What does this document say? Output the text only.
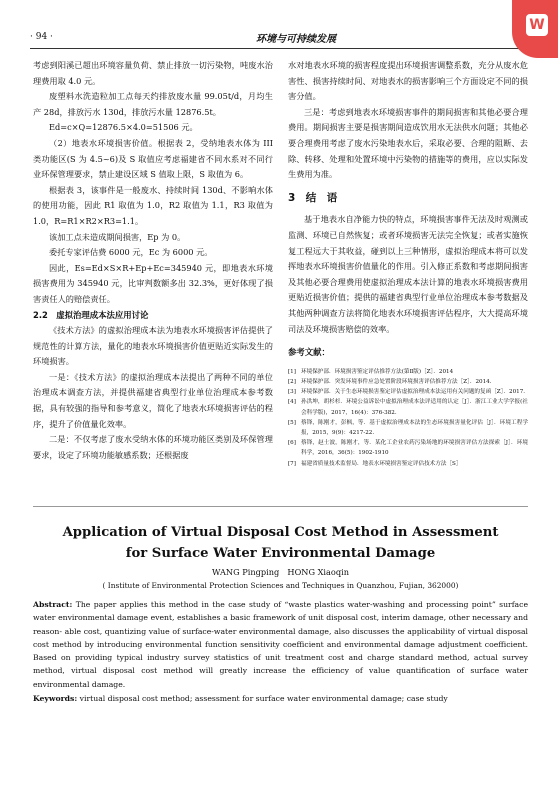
· 94 ·	环境与可持续发展
W

考虑到阳溪已超出环境容量负荷、禁止排放一切污染物，吨废水治理费用取 4.0 元。

废塑料水洗造粒加工点每天约排放废水量 99.05t/d，月均生产 28d，排放污水 130d，排放污水量 12876.5t。

Ed=c×Q=12876.5×4.0=51506 元。

（2）地表水环境损害价值。根据表 2，受纳地表水体为 III 类功能区(S 为 4.5~6)及 S 取值应考虑福建省不同水系对不同行业环保管理要求，禁止建设区域 S 值取上限，S 取值为 6。

根据表 3，该事件是一般废水、持续时间 130d、不影响水体的使用功能，因此 R1 取值为 1.0，R2 取值为 1.1，R3 取值为 1.0，R=R1×R2×R3=1.1。

该加工点未造成期间损害，Ep 为 0。

委托专家评估费 6000 元，Ec 为 6000 元。

因此，Es=Ed×S×R+Ep+Ec=345940 元，即地表水环境损害费用为 345940 元，比审判数额多出 32.3%，更好体现了损害责任人的赔偿责任。

2.2　虚拟治理成本法应用讨论

《技术方法》的虚拟治理成本法为地表水环境损害评估提供了规范性的计算方法，量化的地表水环境损害价值更贴近实际发生的环境损害。

一是：《技术方法》的虚拟治理成本法提出了两种不同的单位治理成本调查方法，并提供福建省典型行业单位治理成本参考数据，具有较强的指导和参考意义，简化了地表水环境损害评估的程序，提升了价值量化效率。

二是：不仅考虑了废水受纳水体的环境功能区类别及环保管理要求，设定了环境功能敏感系数；还根据废

水对地表水环境的损害程度提出环境损害调整系数，充分从废水危害性、损害持续时间、对地表水的损害影响三个方面设定不同的损害分值。

三是：考虑到地表水环境损害事件的期间损害和其他必要合理费用。期间损害主要是损害期间造成饮用水无法供水问题；其他必要合理费用考虑了废水污染地表水后，采取必要、合理的阻断、去除、转移、处理和处置环境中污染物的措施等的费用，应以实际发生费用为准。

3　结　语

基于地表水自净能力快的特点，环境损害事件无法及时观测或监测、环境已自然恢复；或者环境损害无法完全恢复；或者实施恢复工程远大于其收益，碰到以上三种情形，虚拟治理成本将可以发挥地表水环境损害价值量化的作用。引入修正系数和考虑期间损害及其他必要合理费用使虚拟治理成本法计算的地表水环境损害费用更贴近损害价值；提供的福建省典型行业单位治理成本参考数据及其他两种调查方法将简化地表水环境损害评估程序，大大提高环境司法及环境损害赔偿的效率。

参考文献：

[1] 环境保护部．环境损害鉴定评估推荐方法(第Ⅱ版)［Z］．2014
[2] 环境保护部．突发环境事件应急处置阶段环境损害评估推荐方法［Z］．2014.
[3] 环境保护部．关于生态环境损害鉴定评估虚拟治理成本法运用有关问题的复函［Z］．2017.
[4] 孙洪坤，胡杉杉．环境公益诉讼中虚拟治理成本法评适用的认定［J］．浙江工业大学学报(社会科学版)，2017，16(4)：376-382.
[5] 蔡锋，陈刚才，彭枫，等．基于虚拟治理成本法的生态环境损害量化评估［J］．环境工程学报，2015，9(9)：4217-22.
[6] 蔡锋，赵士波，陈刚才，等．某化工企业农药污染场地的环境损害评估方法探索［J］．环境科学，2016，36(5)：1902-1910
[7] 福建省质量技术监督局．地表水环境损害鉴定评估技术方法［S］

Application of Virtual Disposal Cost Method in Assessment
for Surface Water Environmental Damage

WANG Pingping　HONG Xiaoqin

( Institute of Environmental Protection Sciences and Techniques in Quanzhou, Fujian, 362000)

Abstract: The paper applies this method in the case study of “waste plastics water-washing and processing point” surface water environmental damage event, establishes a basic framework of unit disposal cost, interim damage, other necessary and reason- able cost, quantizing value of surface-water environmental damage, also discusses the applicability of virtual disposal cost method by introducing environmental function sensitivity coefficient and environmental damage adjustment coefficient. Based on providing typical industry survey statistics of unit treatment cost and charge standard method, actual survey method, virtual disposal cost method will greatly increase the efficiency of value quantification of surface water environmental damage.

Keywords: virtual disposal cost method; assessment for surface water environmental damage; case study
